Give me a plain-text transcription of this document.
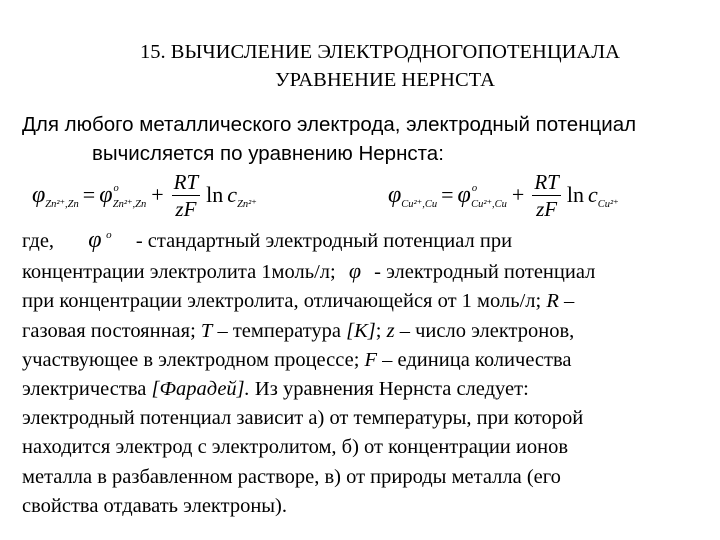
15. ВЫЧИСЛЕНИЕ ЭЛЕКТРОДНОГОПОТЕНЦИАЛА
УРАВНЕНИЕ НЕРНСТА
Для любого металлического электрода, электродный потенциал
вычисляется по уравнению Нернста:
φ Zn²⁺,Zn = φ o
$Zn^{2+},Zn + \frac{RT}{zF}$ ln c Zn²⁺	φ Cu²⁺,Cu = φ o
$Cu^{2+},Cu + \frac{RT}{zF}$ ln c Cu²⁺
где, φ o - стандартный электродный потенциал при
концентрации электролита 1моль/л; φ - электродный потенциал
при концентрации электролита, отличающейся от 1 моль/л; R –
газовая постоянная; T – температура [K]; z – число электронов,
участвующее в электродном процессе; F – единица количества
электричества [Фарадей]. Из уравнения Нернста следует:
электродный потенциал зависит а) от температуры, при которой
находится электрод с электролитом, б) от концентрации ионов
металла в разбавленном растворе, в) от природы металла (его
свойства отдавать электроны).
